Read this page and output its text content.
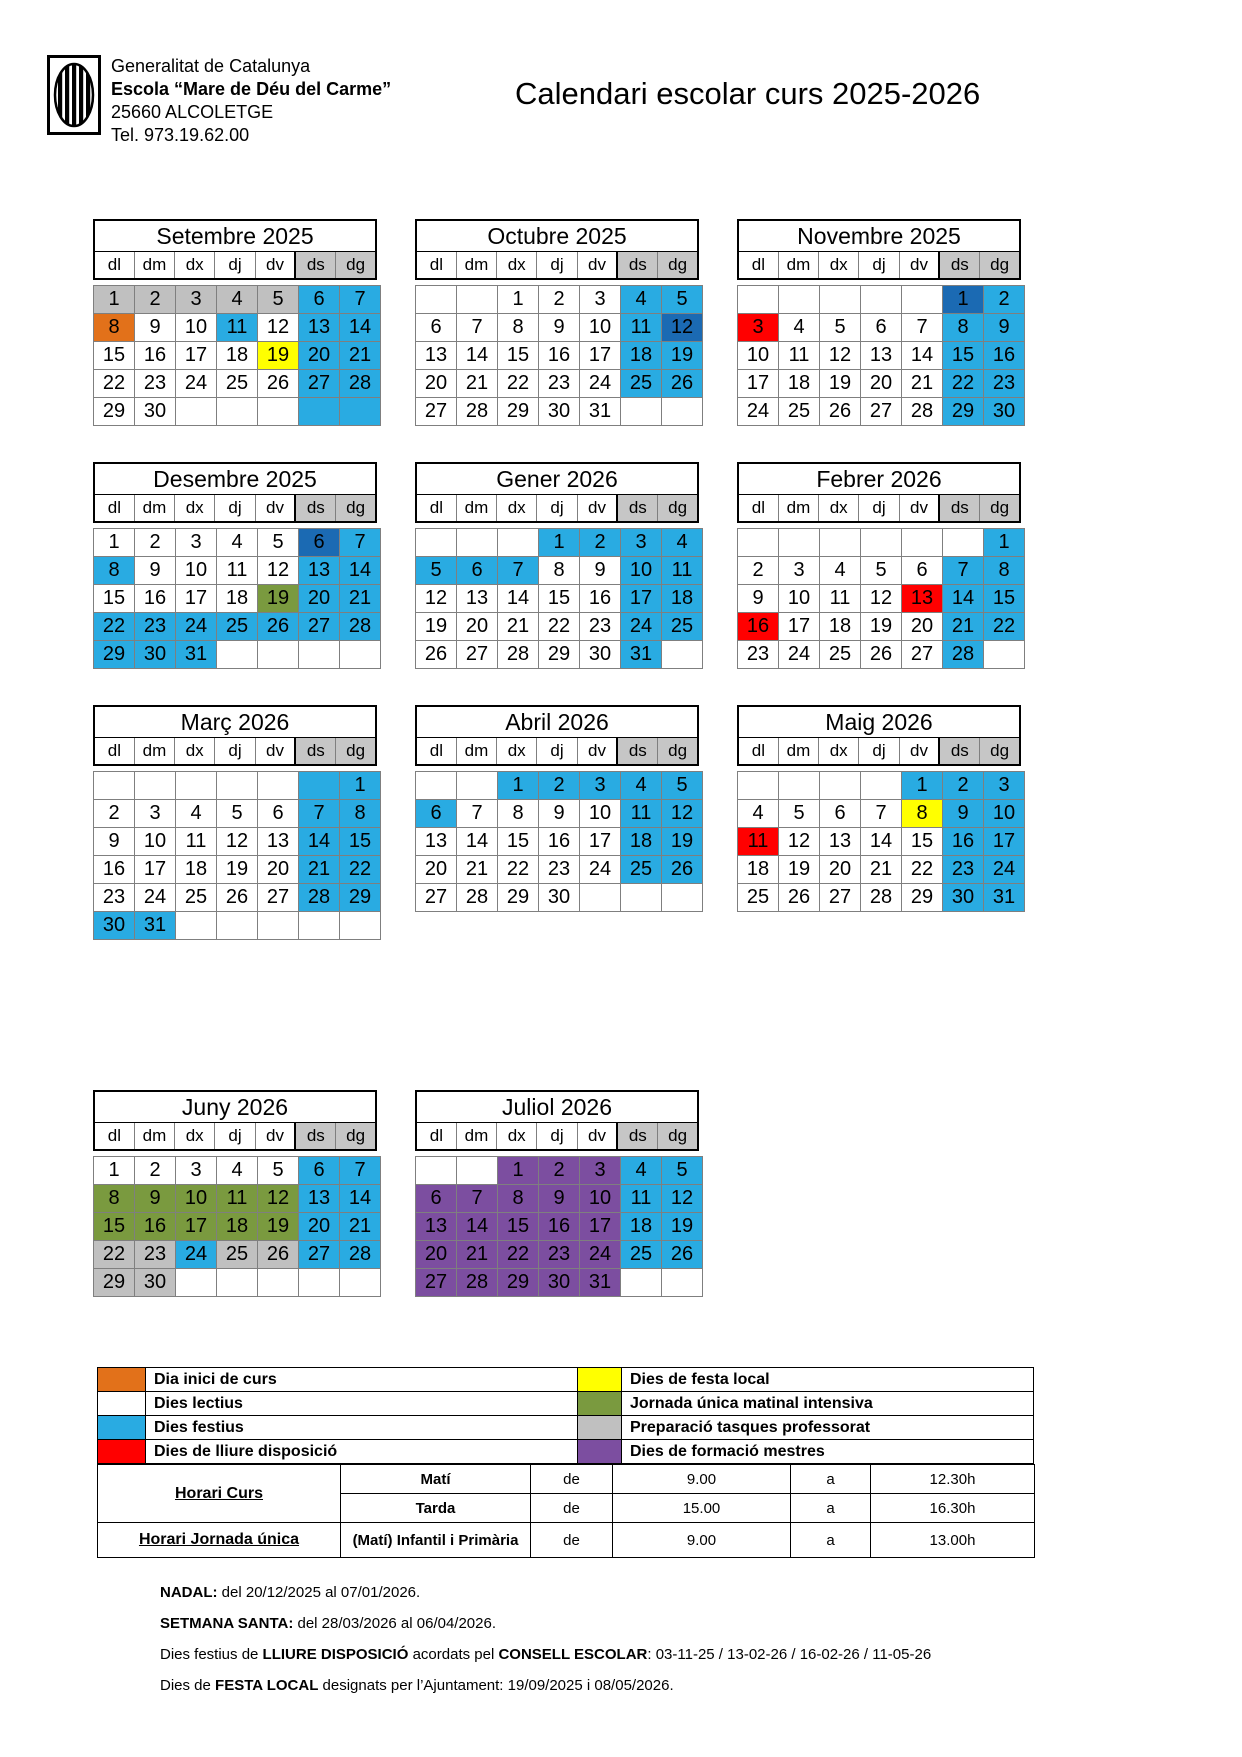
Generalitat de Catalunya
Escola “Mare de Déu del Carme”
25660 ALCOLETGE
Tel. 973.19.62.00
Calendari escolar curs 2025-2026
Setembre 2025
dl	dm	dx	dj	dv	ds	dg
1	2	3	4	5	6	7
8	9	10	11	12	13	14
15	16	17	18	19	20	21
22	23	24	25	26	27	28
29	30					
Octubre 2025
dl	dm	dx	dj	dv	ds	dg
		1	2	3	4	5
6	7	8	9	10	11	12
13	14	15	16	17	18	19
20	21	22	23	24	25	26
27	28	29	30	31		
Novembre 2025
dl	dm	dx	dj	dv	ds	dg
					1	2
3	4	5	6	7	8	9
10	11	12	13	14	15	16
17	18	19	20	21	22	23
24	25	26	27	28	29	30
Desembre 2025
dl	dm	dx	dj	dv	ds	dg
1	2	3	4	5	6	7
8	9	10	11	12	13	14
15	16	17	18	19	20	21
22	23	24	25	26	27	28
29	30	31				
Gener 2026
dl	dm	dx	dj	dv	ds	dg
			1	2	3	4
5	6	7	8	9	10	11
12	13	14	15	16	17	18
19	20	21	22	23	24	25
26	27	28	29	30	31	
Febrer 2026
dl	dm	dx	dj	dv	ds	dg
						1
2	3	4	5	6	7	8
9	10	11	12	13	14	15
16	17	18	19	20	21	22
23	24	25	26	27	28	
Març 2026
dl	dm	dx	dj	dv	ds	dg
						1
2	3	4	5	6	7	8
9	10	11	12	13	14	15
16	17	18	19	20	21	22
23	24	25	26	27	28	29
30	31					
Abril 2026
dl	dm	dx	dj	dv	ds	dg
		1	2	3	4	5
6	7	8	9	10	11	12
13	14	15	16	17	18	19
20	21	22	23	24	25	26
27	28	29	30			
Maig 2026
dl	dm	dx	dj	dv	ds	dg
				1	2	3
4	5	6	7	8	9	10
11	12	13	14	15	16	17
18	19	20	21	22	23	24
25	26	27	28	29	30	31
Juny 2026
dl	dm	dx	dj	dv	ds	dg
1	2	3	4	5	6	7
8	9	10	11	12	13	14
15	16	17	18	19	20	21
22	23	24	25	26	27	28
29	30					
Juliol 2026
dl	dm	dx	dj	dv	ds	dg
		1	2	3	4	5
6	7	8	9	10	11	12
13	14	15	16	17	18	19
20	21	22	23	24	25	26
27	28	29	30	31		
	Dia inici de curs		Dies de festa local
	Dies lectius		Jornada única matinal intensiva
	Dies festius		Preparació tasques professorat
	Dies de lliure disposició		Dies de formació mestres
Horari Curs	Matí	de	9.00	a	12.30h
	Tarda	de	15.00	a	16.30h
Horari Jornada única	(Matí) Infantil i Primària	de	9.00	a	13.00h

NADAL: del 20/12/2025 al 07/01/2026.

SETMANA SANTA: del 28/03/2026 al 06/04/2026.

Dies festius de LLIURE DISPOSICIÓ acordats pel CONSELL ESCOLAR: 03-11-25 / 13-02-26 / 16-02-26 / 11-05-26

Dies de FESTA LOCAL designats per l’Ajuntament: 19/09/2025 i 08/05/2026.
